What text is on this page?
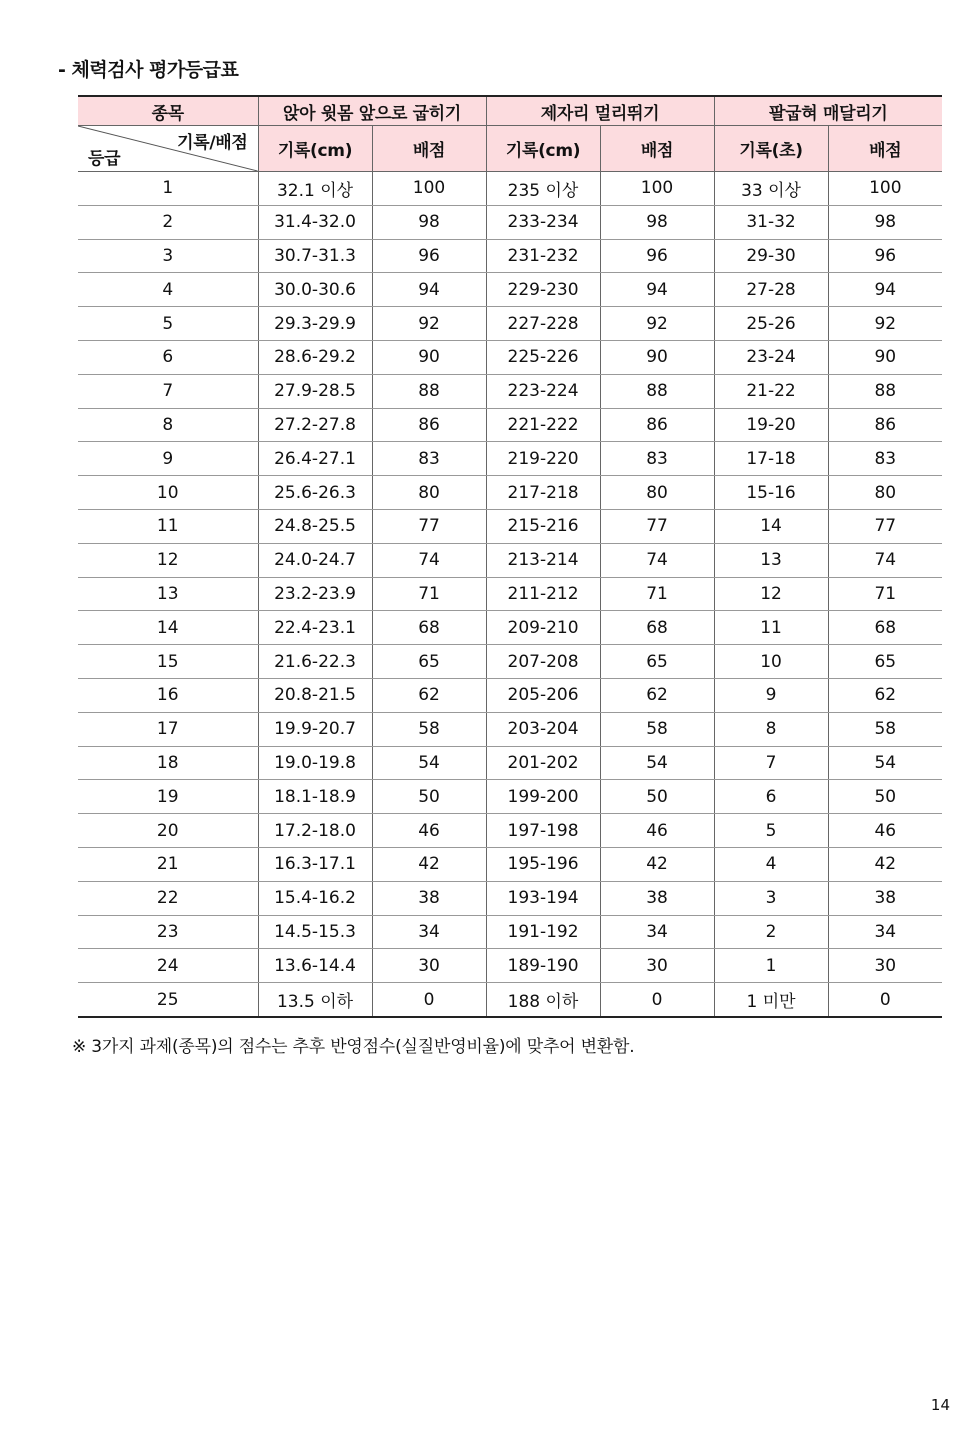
- 체력검사 평가등급표
종목	앉아 윗몸 앞으로 굽히기		제자리 멀리뛰기		팔굽혀 매달리기	

기록/배점
등급	기록(cm)	배점	기록(cm)	배점	기록(초)	배점
1	32.1 이상	100	235 이상	100	33 이상	100
2	31.4-32.0	98	233-234	98	31-32	98
3	30.7-31.3	96	231-232	96	29-30	96
4	30.0-30.6	94	229-230	94	27-28	94
5	29.3-29.9	92	227-228	92	25-26	92
6	28.6-29.2	90	225-226	90	23-24	90
7	27.9-28.5	88	223-224	88	21-22	88
8	27.2-27.8	86	221-222	86	19-20	86
9	26.4-27.1	83	219-220	83	17-18	83
10	25.6-26.3	80	217-218	80	15-16	80
11	24.8-25.5	77	215-216	77	14	77
12	24.0-24.7	74	213-214	74	13	74
13	23.2-23.9	71	211-212	71	12	71
14	22.4-23.1	68	209-210	68	11	68
15	21.6-22.3	65	207-208	65	10	65
16	20.8-21.5	62	205-206	62	9	62
17	19.9-20.7	58	203-204	58	8	58
18	19.0-19.8	54	201-202	54	7	54
19	18.1-18.9	50	199-200	50	6	50
20	17.2-18.0	46	197-198	46	5	46
21	16.3-17.1	42	195-196	42	4	42
22	15.4-16.2	38	193-194	38	3	38
23	14.5-15.3	34	191-192	34	2	34
24	13.6-14.4	30	189-190	30	1	30
25	13.5 이하	0	188 이하	0	1 미만	0
※ 3가지 과제(종목)의 점수는 추후 반영점수(실질반영비율)에 맞추어 변환함.
14
